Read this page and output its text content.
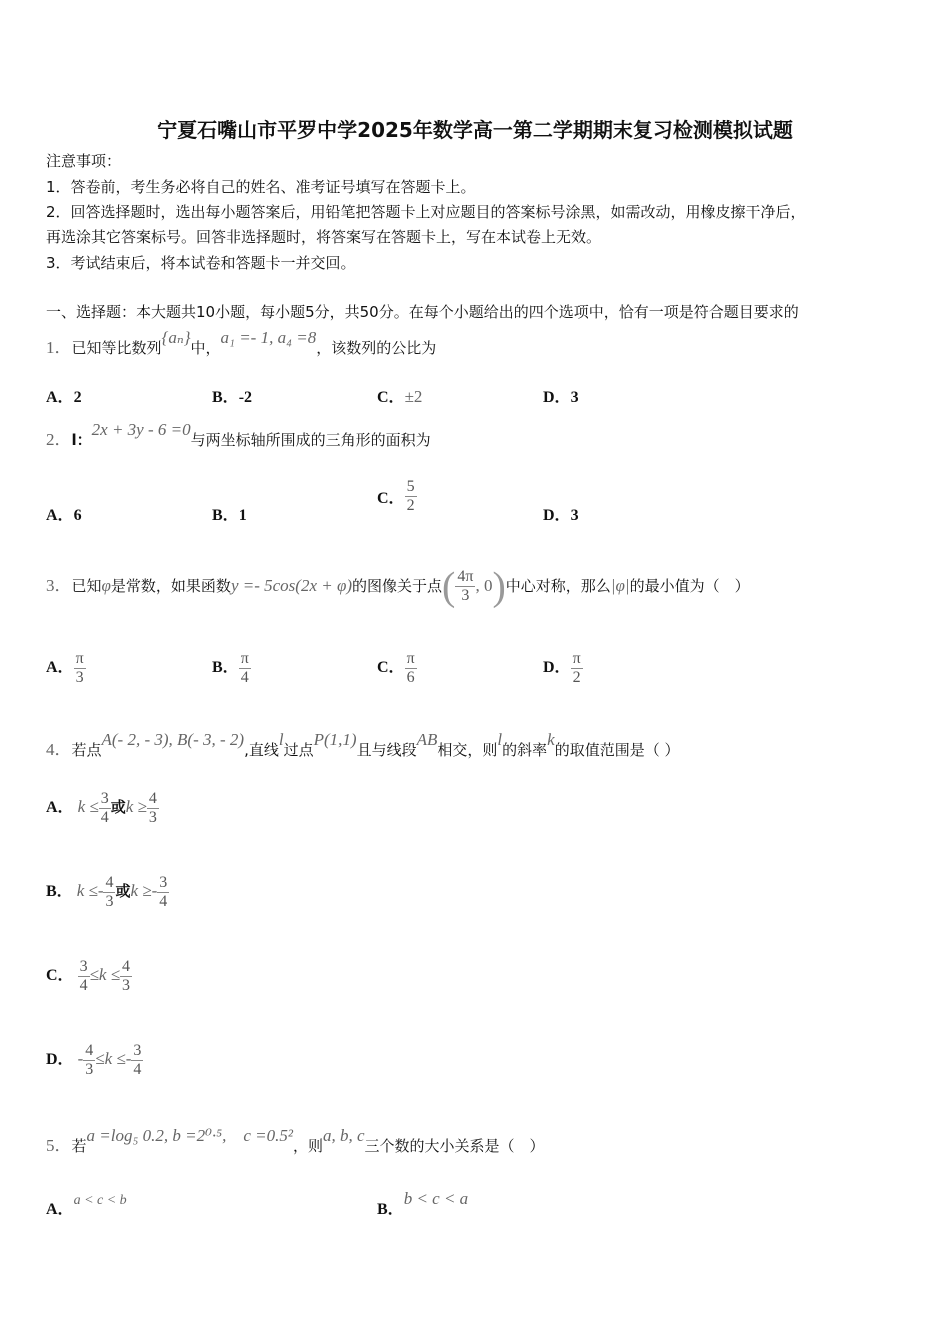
宁夏石嘴山市平罗中学2025年数学高一第二学期期末复习检测模拟试题
注意事项：
1．答卷前，考生务必将自己的姓名、准考证号填写在答题卡上。
2．回答选择题时，选出每小题答案后，用铅笔把答题卡上对应题目的答案标号涂黑，如需改动，用橡皮擦干净后，
再选涂其它答案标号。回答非选择题时，将答案写在答题卡上，写在本试卷上无效。
3．考试结束后，将本试卷和答题卡一并交回。
一、选择题：本大题共10小题，每小题5分，共50分。在每个小题给出的四个选项中，恰有一项是符合题目要求的
1．已知等比数列{aₙ}中，a₁ =- 1, a₄ =8，该数列的公比为
A．2	B．-2	C．±2	D．3
2．l：2x + 3y - 6 =0与两坐标轴所围成的三角形的面积为
A．6	B．1
C． $\frac{5}{2}$
D．3
3．已知φ是常数，如果函数y =- 5cos(2x + φ)的图像关于点( $\frac{4\pi}{3}$ , 0)中心对称，那么|φ|的最小值为（　）
A． $\frac{\pi}{3}$	B． $\frac{\pi}{4}$	C． $\frac{\pi}{6}$	D． $\frac{\pi}{2}$
4．若点A(- 2, - 3), B(- 3, - 2),直线l过点P(1,1)且与线段AB相交，则l的斜率k的取值范围是（ ）
A． $k \le \frac{3}{4}$ 或$k \ge \frac{4}{3}$
B． $k \le- \frac{4}{3}$ 或$k \ge- \frac{3}{4}$
C． $\frac{3}{4} \le k \le \frac{4}{3}$
D． - $\frac{4}{3} \le k \le- \frac{3}{4}$
5．若a =log₅ 0.2, b =2⁰·⁵,　c =0.5²，则a, b, c三个数的大小关系是（　）
A．a < c < b
B．b < c < a
